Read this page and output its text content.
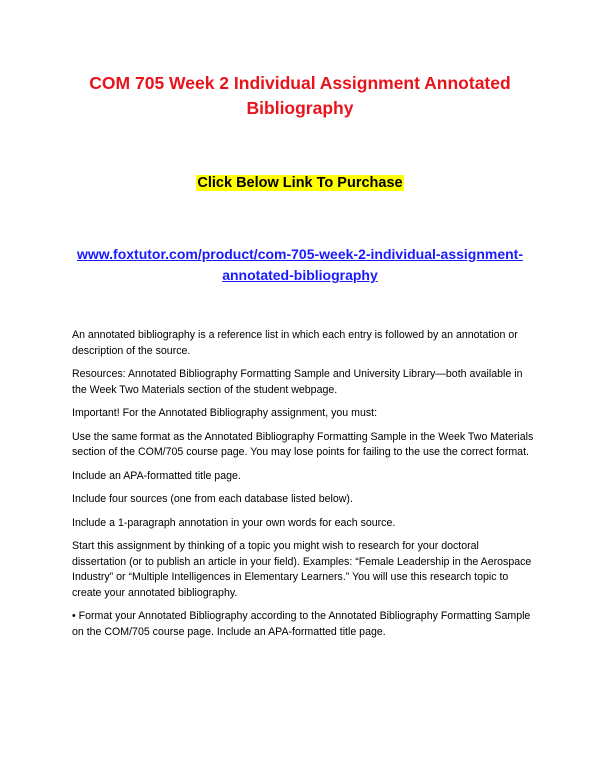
COM 705 Week 2 Individual Assignment Annotated Bibliography
Click Below Link To Purchase
www.foxtutor.com/product/com-705-week-2-individual-assignment-annotated-bibliography

An annotated bibliography is a reference list in which each entry is followed by an annotation or description of the source.

Resources: Annotated Bibliography Formatting Sample and University Library—both available in the Week Two Materials section of the student webpage.

Important! For the Annotated Bibliography assignment, you must:

Use the same format as the Annotated Bibliography Formatting Sample in the Week Two Materials section of the COM/705 course page. You may lose points for failing to the use the correct format.

Include an APA-formatted title page.

Include four sources (one from each database listed below).

Include a 1-paragraph annotation in your own words for each source.

Start this assignment by thinking of a topic you might wish to research for your doctoral dissertation (or to publish an article in your field). Examples: “Female Leadership in the Aerospace Industry” or “Multiple Intelligences in Elementary Learners.” You will use this research topic to create your annotated bibliography.

• Format your Annotated Bibliography according to the Annotated Bibliography Formatting Sample on the COM/705 course page. Include an APA-formatted title page.
